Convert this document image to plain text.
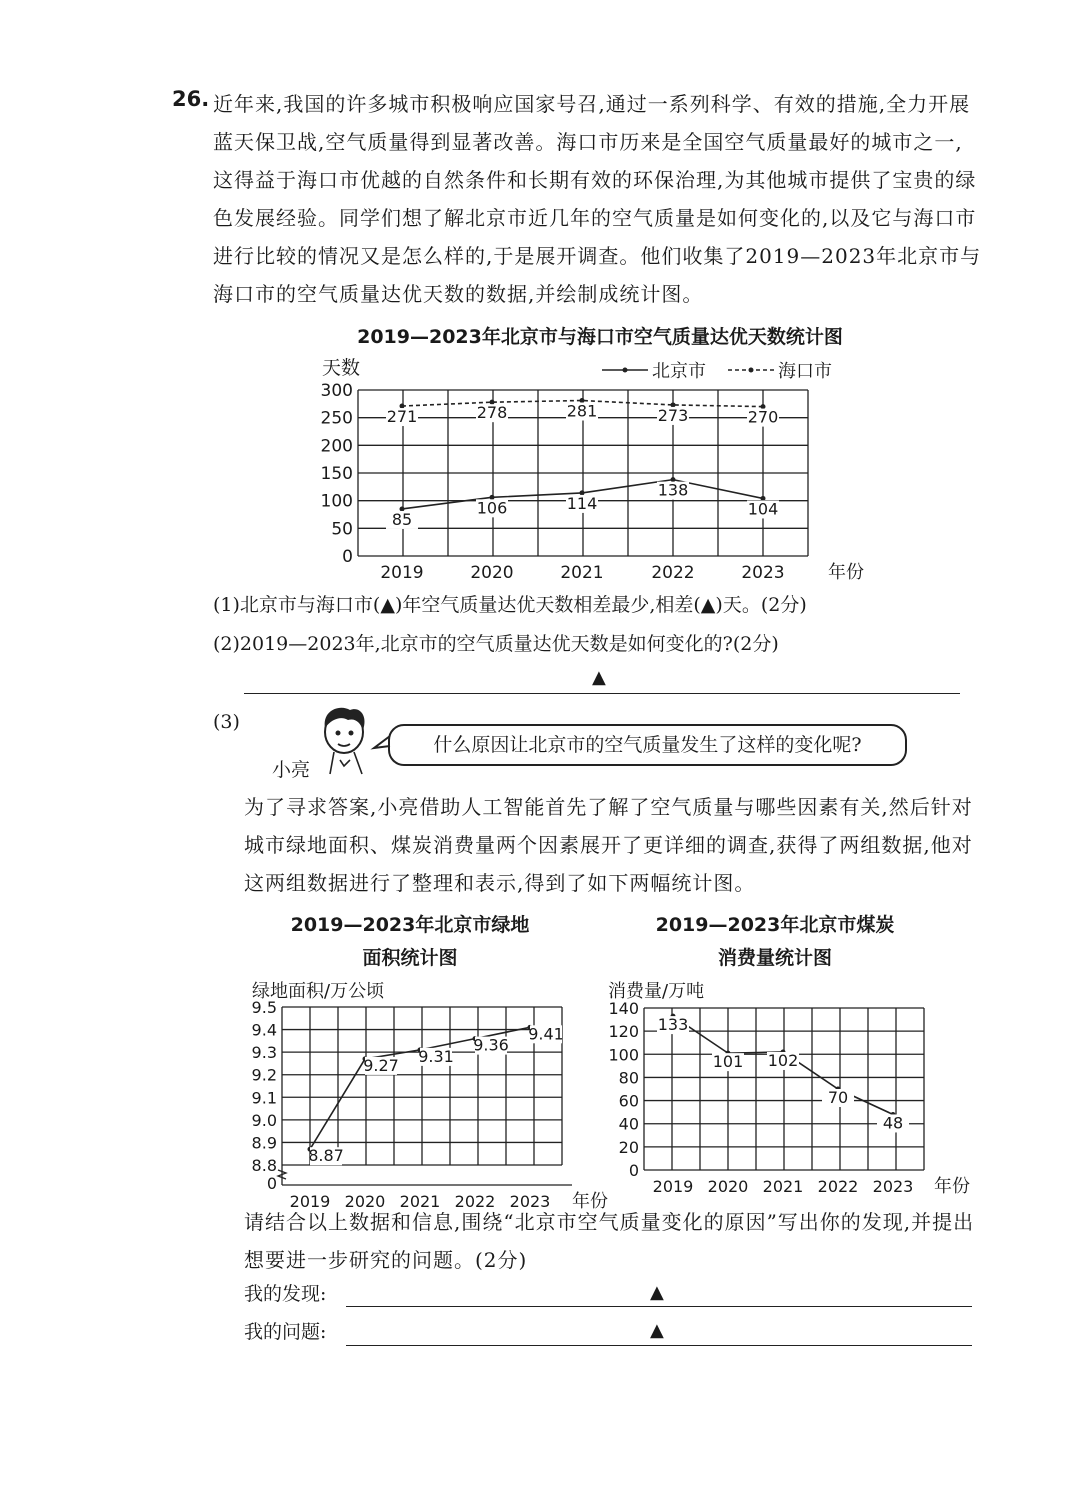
26. 近年来,我国的许多城市积极响应国家号召,通过一系列科学、有效的措施,全力开展蓝天保卫战,空气质量得到显著改善。海口市历来是全国空气质量最好的城市之一,这得益于海口市优越的自然条件和长期有效的环保治理,为其他城市提供了宝贵的绿色发展经验。同学们想了解北京市近几年的空气质量是如何变化的,以及它与海口市进行比较的情况又是怎么样的,于是展开调查。他们收集了2019—2023年北京市与海口市的空气质量达优天数的数据,并绘制成统计图。
2019—2023年北京市与海口市空气质量达优天数统计图
天数	北京市	海口市
0
50
100
150
200
250
300
2019	2020	2021	2022	2023 年份
85
106	114
138
104
271	278	281	273	270
(1)北京市与海口市(▲)年空气质量达优天数相差最少,相差(▲)天。(2分)
(2)2019—2023年,北京市的空气质量达优天数是如何变化的?(2分)
▲
(3)
小亮
什么原因让北京市的空气质量发生了这样的变化呢?
为了寻求答案,小亮借助人工智能首先了解了空气质量与哪些因素有关,然后针对城市绿地面积、煤炭消费量两个因素展开了更详细的调查,获得了两组数据,他对这两组数据进行了整理和表示,得到了如下两幅统计图。
2019—2023年北京市绿地
面积统计图
2019—2023年北京市煤炭
消费量统计图
绿地面积/万公顷
8.8
8.9
9.0
9.1
9.2
9.3
9.4
9.5
0
2019 2020 2021 2022 2023 年份
8.87
9.27 9.31
9.36
9.41
消费量/万吨
0
20
40
60
80
100
120
140
2019 2020 2021 2022 2023 年份
133
101 102
70
48
请结合以上数据和信息,围绕“北京市空气质量变化的原因”写出你的发现,并提出想要进一步研究的问题。(2分)
我的发现:	▲
我的问题:	▲
